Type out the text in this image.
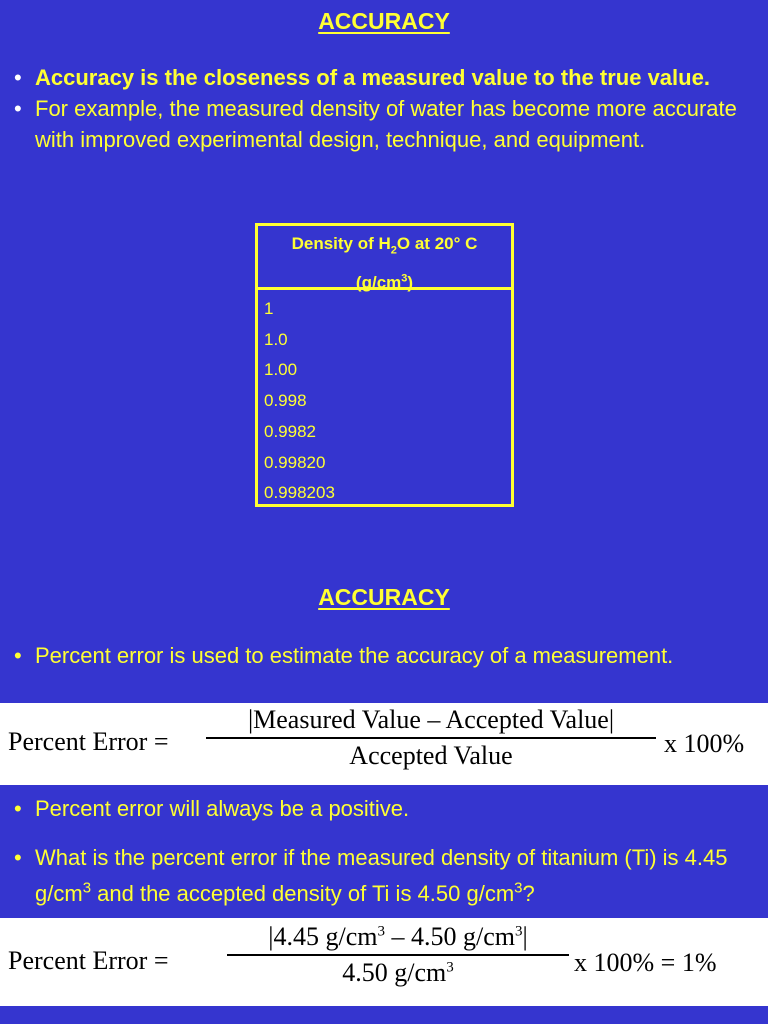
ACCURACY
• Accuracy is the closeness of a measured value to the true value.
• For example, the measured density of water has become more accurate with improved experimental design, technique, and equipment.
Density of $H_2O$ at 20° C
$(g/cm^3)$
1
1.0
1.00
0.998
0.9982
0.99820
0.998203
ACCURACY
• Percent error is used to estimate the accuracy of a measurement.
Percent Error =
|Measured Value – Accepted Value|
Accepted Value	x 100%
• Percent error will always be a positive.
• What is the percent error if the measured density of titanium (Ti) is 4.45 $g/cm^3$ and the accepted density of Ti is 4.50 $g/cm^3$?
Percent Error =
|4.45 $g/cm^3 - 4.50$ $g/cm^3|$
4.50 $g/cm^3$	x 100% = 1%
